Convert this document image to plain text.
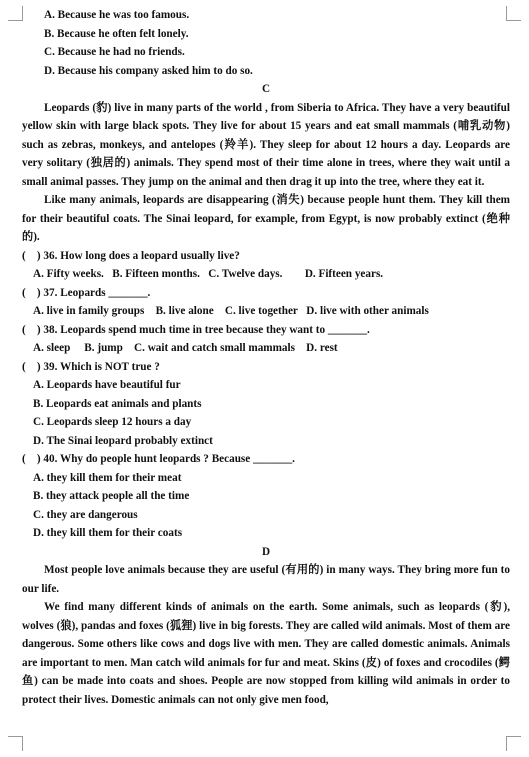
A. Because he was too famous.
B. Because he often felt lonely.
C. Because he had no friends.
D. Because his company asked him to do so.
C

Leopards (豹) live in many parts of the world , from Siberia to Africa. They have a very beautiful yellow skin with large black spots. They live for about 15 years and eat small mammals (哺乳动物) such as zebras, monkeys, and antelopes (羚羊). They sleep for about 12 hours a day. Leopards are very solitary (独居的) animals. They spend most of their time alone in trees, where they wait until a small animal passes. They jump on the animal and then drag it up into the tree, where they eat it.

Like many animals, leopards are disappearing (消失) because people hunt them. They kill them for their beautiful coats. The Sinai leopard, for example, from Egypt, is now probably extinct (绝种的).

(　) 36. How long does a leopard usually live?
A. Fifty weeks. B. Fifteen months. C. Twelve days. D. Fifteen years.
(　) 37. Leopards _______.
A. live in family groups B. live alone C. live together D. live with other animals
(　) 38. Leopards spend much time in tree because they want to _______.
A. sleep B. jump C. wait and catch small mammals D. rest
(　) 39. Which is NOT true ?
A. Leopards have beautiful fur
B. Leopards eat animals and plants
C. Leopards sleep 12 hours a day
D. The Sinai leopard probably extinct
(　) 40. Why do people hunt leopards ? Because _______.
A. they kill them for their meat
B. they attack people all the time
C. they are dangerous
D. they kill them for their coats
D

Most people love animals because they are useful (有用的) in many ways. They bring more fun to our life.

We find many different kinds of animals on the earth. Some animals, such as leopards (豹), wolves (狼), pandas and foxes (狐狸) live in big forests. They are called wild animals. Most of them are dangerous. Some others like cows and dogs live with men. They are called domestic animals. Animals are important to men. Man catch wild animals for fur and meat. Skins (皮) of foxes and crocodiles (鳄鱼) can be made into coats and shoes. People are now stopped from killing wild animals in order to protect their lives. Domestic animals can not only give men food,
